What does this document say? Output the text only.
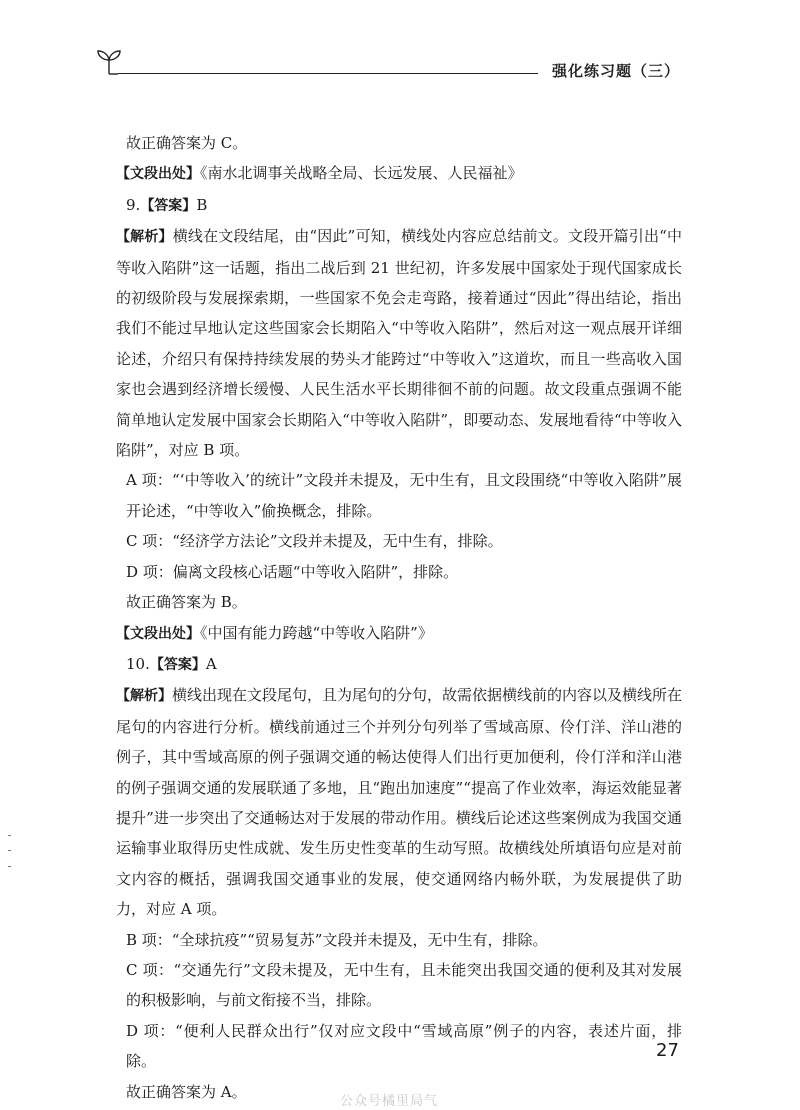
强化练习题（三）

故正确答案为 C。

【文段出处】《南水北调事关战略全局、长远发展、人民福祉》

9.【答案】B

【解析】横线在文段结尾，由“因此”可知，横线处内容应总结前文。文段开篇引出“中等收入陷阱”这一话题，指出二战后到 21 世纪初，许多发展中国家处于现代国家成长的初级阶段与发展探索期，一些国家不免会走弯路，接着通过“因此”得出结论，指出我们不能过早地认定这些国家会长期陷入“中等收入陷阱”，然后对这一观点展开详细论述，介绍只有保持持续发展的势头才能跨过“中等收入”这道坎，而且一些高收入国家也会遇到经济增长缓慢、人民生活水平长期徘徊不前的问题。故文段重点强调不能简单地认定发展中国家会长期陷入“中等收入陷阱”，即要动态、发展地看待“中等收入陷阱”，对应 B 项。

A 项：“‘中等收入’的统计”文段并未提及，无中生有，且文段围绕“中等收入陷阱”展开论述，“中等收入”偷换概念，排除。

C 项：“经济学方法论”文段并未提及，无中生有，排除。

D 项：偏离文段核心话题“中等收入陷阱”，排除。

故正确答案为 B。

【文段出处】《中国有能力跨越“中等收入陷阱”》

10.【答案】A

【解析】横线出现在文段尾句，且为尾句的分句，故需依据横线前的内容以及横线所在尾句的内容进行分析。横线前通过三个并列分句列举了雪域高原、伶仃洋、洋山港的例子，其中雪域高原的例子强调交通的畅达使得人们出行更加便利，伶仃洋和洋山港的例子强调交通的发展联通了多地，且“跑出加速度”“提高了作业效率，海运效能显著提升”进一步突出了交通畅达对于发展的带动作用。横线后论述这些案例成为我国交通运输事业取得历史性成就、发生历史性变革的生动写照。故横线处所填语句应是对前文内容的概括，强调我国交通事业的发展，使交通网络内畅外联，为发展提供了助力，对应 A 项。

B 项：“全球抗疫”“贸易复苏”文段并未提及，无中生有，排除。

C 项：“交通先行”文段未提及，无中生有，且未能突出我国交通的便利及其对发展的积极影响，与前文衔接不当，排除。

D 项：“便利人民群众出行”仅对应文段中“雪域高原”例子的内容，表述片面，排除。

故正确答案为 A。

27
公众号橘里局气
